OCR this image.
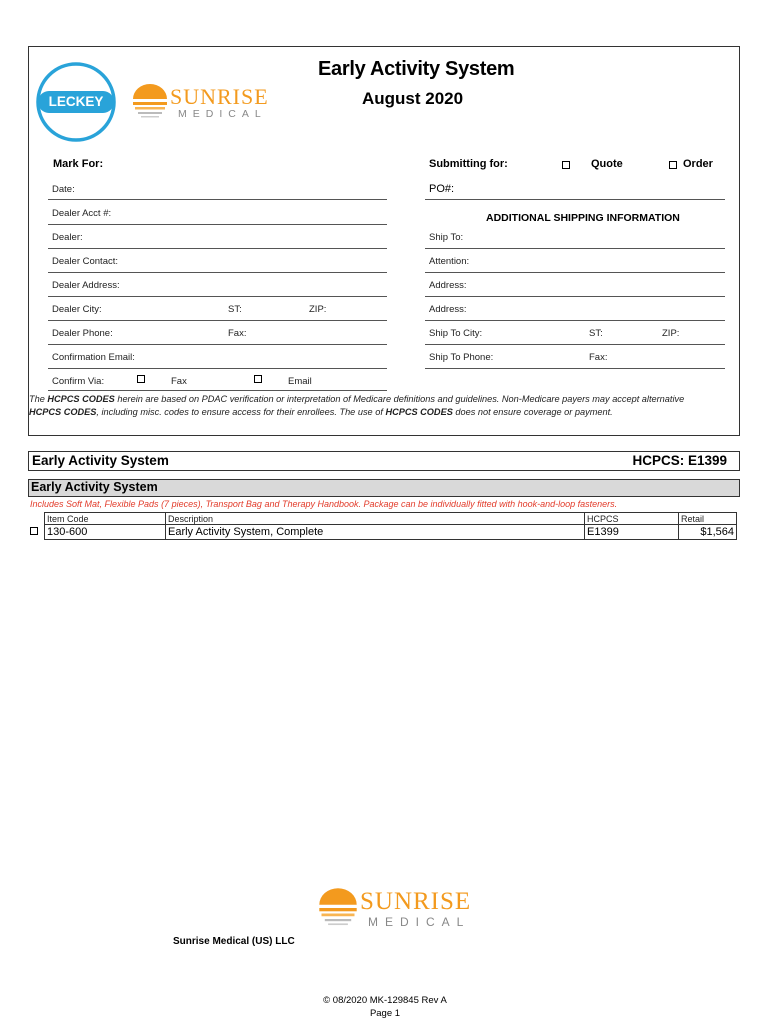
LECKEY	SUNRISE
MEDICAL
Early Activity System
August 2020
Mark For:	Submitting for:	Quote	Order
Date:
Dealer Acct #:
Dealer:
Dealer Contact:
Dealer Address:
Dealer City:	ST:	ZIP:
Dealer Phone:	Fax:
Confirmation Email:
Confirm Via:	Fax	Email
PO#:
ADDITIONAL SHIPPING INFORMATION
Ship To:
Attention:
Address:
Address:
Ship To City:	ST:	ZIP:
Ship To Phone:	Fax:
The HCPCS CODES herein are based on PDAC verification or interpretation of Medicare definitions and guidelines. Non-Medicare payers may accept alternative
HCPCS CODES, including misc. codes to ensure access for their enrollees. The use of HCPCS CODES does not ensure coverage or payment.
Early Activity System	HCPCS: E1399
Early Activity System
Includes Soft Mat, Flexible Pads (7 pieces), Transport Bag and Therapy Handbook. Package can be individually fitted with hook-and-loop fasteners.
	Item Code	Description	HCPCS	Retail
	130-600	Early Activity System, Complete	E1399	$1,564
SUNRISE
MEDICAL
Sunrise Medical (US) LLC
© 08/2020 MK-129845 Rev A
Page 1
